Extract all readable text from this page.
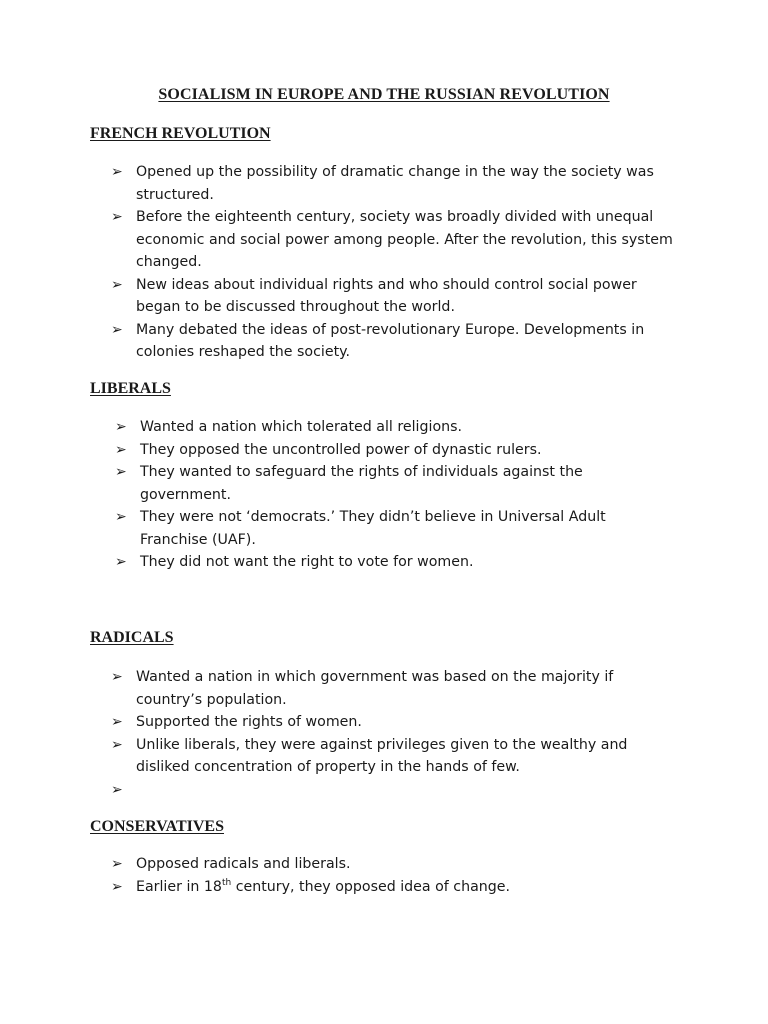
SOCIALISM IN EUROPE AND THE RUSSIAN REVOLUTION
FRENCH REVOLUTION
➢ Opened up the possibility of dramatic change in the way the society was structured.
➢ Before the eighteenth century, society was broadly divided with unequal economic and social power among people. After the revolution, this system changed.
➢ New ideas about individual rights and who should control social power began to be discussed throughout the world.
➢ Many debated the ideas of post-revolutionary Europe. Developments in colonies reshaped the society.
LIBERALS
➢ Wanted a nation which tolerated all religions.
➢ They opposed the uncontrolled power of dynastic rulers.
➢ They wanted to safeguard the rights of individuals against the government.
➢ They were not ‘democrats.’ They didn’t believe in Universal Adult Franchise (UAF).
➢ They did not want the right to vote for women.
RADICALS
➢ Wanted a nation in which government was based on the majority if country’s population.
➢ Supported the rights of women.
➢ Unlike liberals, they were against privileges given to the wealthy and disliked concentration of property in the hands of few.
➢

CONSERVATIVES
➢ Opposed radicals and liberals.
➢ Earlier in 18th century, they opposed idea of change.
